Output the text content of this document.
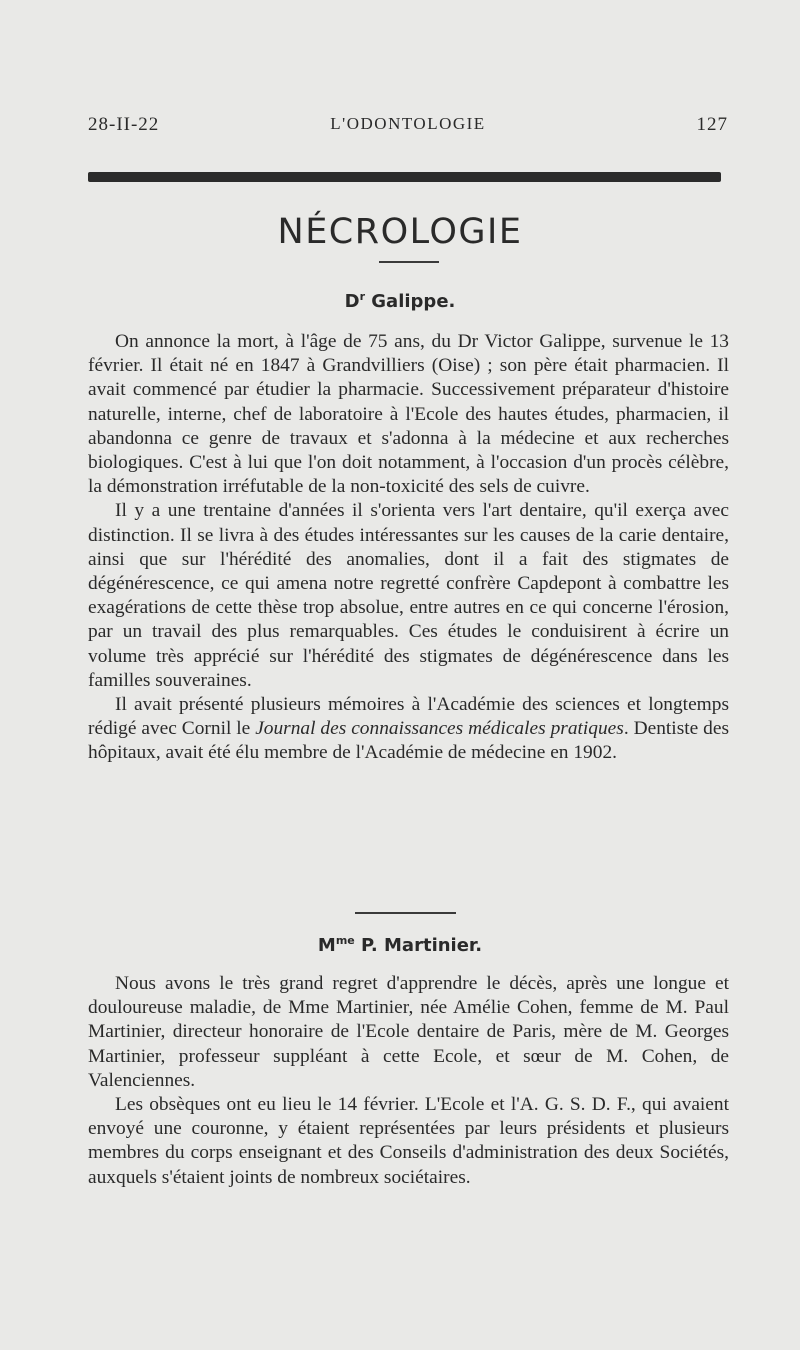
28-II-22	L'ODONTOLOGIE	127
NÉCROLOGIE
$D^r$ Galippe.

On annonce la mort, à l'âge de 75 ans, du Dr Victor Galippe, survenue le 13 février. Il était né en 1847 à Grandvilliers (Oise) ; son père était pharmacien. Il avait commencé par étudier la pharmacie. Successivement préparateur d'histoire naturelle, interne, chef de laboratoire à l'Ecole des hautes études, pharmacien, il abandonna ce genre de travaux et s'adonna à la médecine et aux recherches biologiques. C'est à lui que l'on doit notamment, à l'occasion d'un procès célèbre, la démonstration irréfutable de la non-toxicité des sels de cuivre.

Il y a une trentaine d'années il s'orienta vers l'art dentaire, qu'il exerça avec distinction. Il se livra à des études intéressantes sur les causes de la carie dentaire, ainsi que sur l'hérédité des anomalies, dont il a fait des stigmates de dégénérescence, ce qui amena notre regretté confrère Capdepont à combattre les exagérations de cette thèse trop absolue, entre autres en ce qui concerne l'érosion, par un travail des plus remarquables. Ces études le conduisirent à écrire un volume très apprécié sur l'hérédité des stigmates de dégénérescence dans les familles souveraines.

Il avait présenté plusieurs mémoires à l'Académie des sciences et longtemps rédigé avec Cornil le Journal des connaissances médicales pratiques. Dentiste des hôpitaux, avait été élu membre de l'Académie de médecine en 1902.

$M^{me}$ P. Martinier.

Nous avons le très grand regret d'apprendre le décès, après une longue et douloureuse maladie, de Mme Martinier, née Amélie Cohen, femme de M. Paul Martinier, directeur honoraire de l'Ecole dentaire de Paris, mère de M. Georges Martinier, professeur suppléant à cette Ecole, et sœur de M. Cohen, de Valenciennes.

Les obsèques ont eu lieu le 14 février. L'Ecole et l'A. G. S. D. F., qui avaient envoyé une couronne, y étaient représentées par leurs présidents et plusieurs membres du corps enseignant et des Conseils d'administration des deux Sociétés, auxquels s'étaient joints de nombreux sociétaires.
